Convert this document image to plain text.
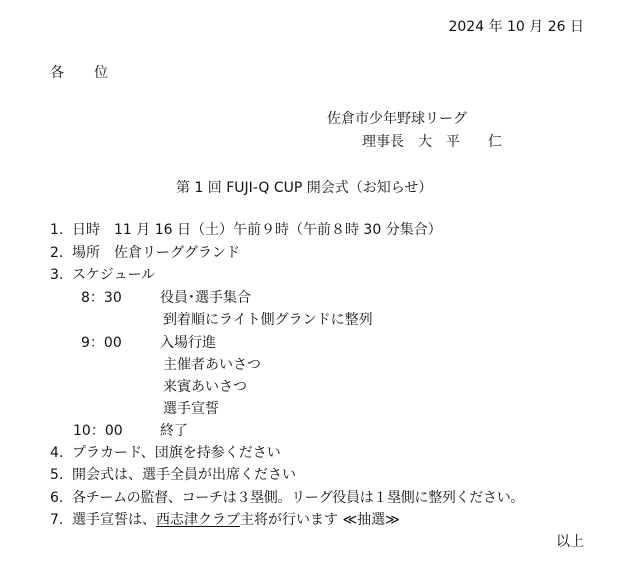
2024 年 10 月 26 日
各 位
佐倉市少年野球リーグ
理事長　大　平　　仁
第 1 回 FUJI-Q CUP 開会式（お知らせ）
1. 日時　11 月 16 日（土）午前９時（午前８時 30 分集合）
2. 場所　佐倉リーググランド
3. スケジュール
8：30	役員･選手集合
到着順にライト側グランドに整列
9：00	入場行進
主催者あいさつ
来賓あいさつ
選手宣誓
10：00	終了
4. プラカード、団旗を持参ください
5. 開会式は、選手全員が出席ください
6. 各チームの監督、コーチは３塁側。リーグ役員は１塁側に整列ください。
7. 選手宣誓は、西志津クラブ主将が行います ≪抽選≫
以上
